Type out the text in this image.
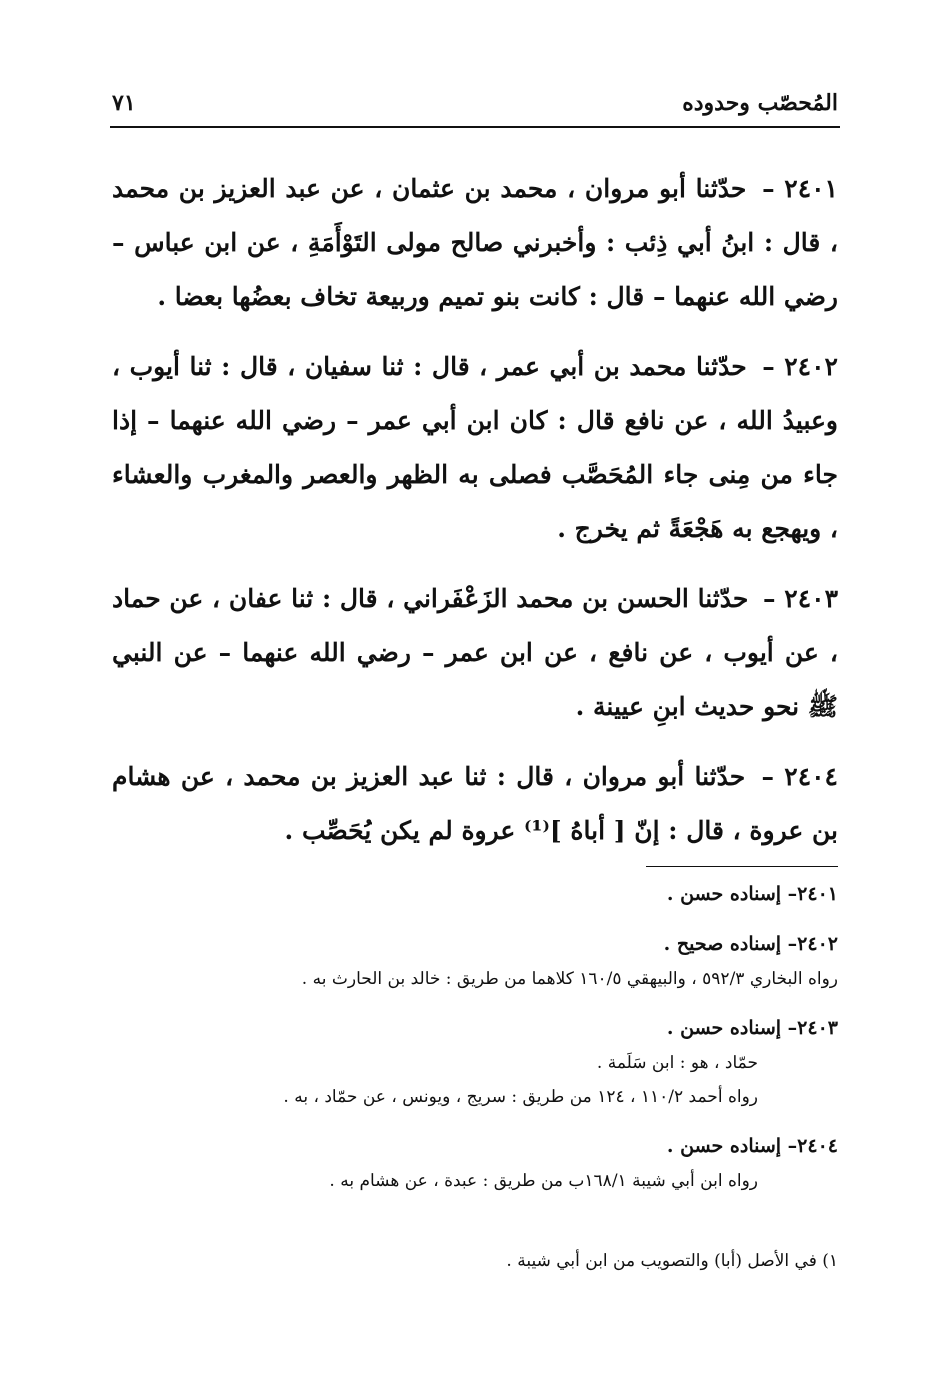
المُحصّب وحدوده
٧١

٢٤٠١ – حدّثنا أبو مروان ، محمد بن عثمان ، عن عبد العزيز بن محمد ، قال : ابنُ أبي ذِئب : وأخبرني صالح مولى التَوْأَمَةِ ، عن ابن عباس – رضي الله عنهما – قال : كانت بنو تميم وربيعة تخاف بعضُها بعضا .

٢٤٠٢ – حدّثنا محمد بن أبي عمر ، قال : ثنا سفيان ، قال : ثنا أيوب ، وعبيدُ الله ، عن نافع قال : كان ابن أبي عمر – رضي الله عنهما – إذا جاء من مِنى جاء المُحَصَّب فصلى به الظهر والعصر والمغرب والعشاء ، ويهجع به هَجْعَةً ثم يخرج .

٢٤٠٣ – حدّثنا الحسن بن محمد الزَعْفَراني ، قال : ثنا عفان ، عن حماد ، عن أيوب ، عن نافع ، عن ابن عمر – رضي الله عنهما – عن النبي ﷺ نحو حديث ابنِ عيينة .

٢٤٠٤ – حدّثنا أبو مروان ، قال : ثنا عبد العزيز بن محمد ، عن هشام بن عروة ، قال : إنّ [ أباهُ ]⁽¹⁾ عروة لم يكن يُحَصِّب .

٢٤٠١– إسناده حسن .
٢٤٠٢– إسناده صحيح .
رواه البخاري ٥٩٢/٣ ، والبيهقي ١٦٠/٥ كلاهما من طريق : خالد بن الحارث به .
٢٤٠٣– إسناده حسن .
حمّاد ، هو : ابن سَلَمة .
رواه أحمد ١١٠/٢ ، ١٢٤ من طريق : سريج ، ويونس ، عن حمّاد ، به .
٢٤٠٤– إسناده حسن .
رواه ابن أبي شيبة ١٦٨/١ب من طريق : عبدة ، عن هشام به .
١) في الأصل (أبا) والتصويب من ابن أبي شيبة .
